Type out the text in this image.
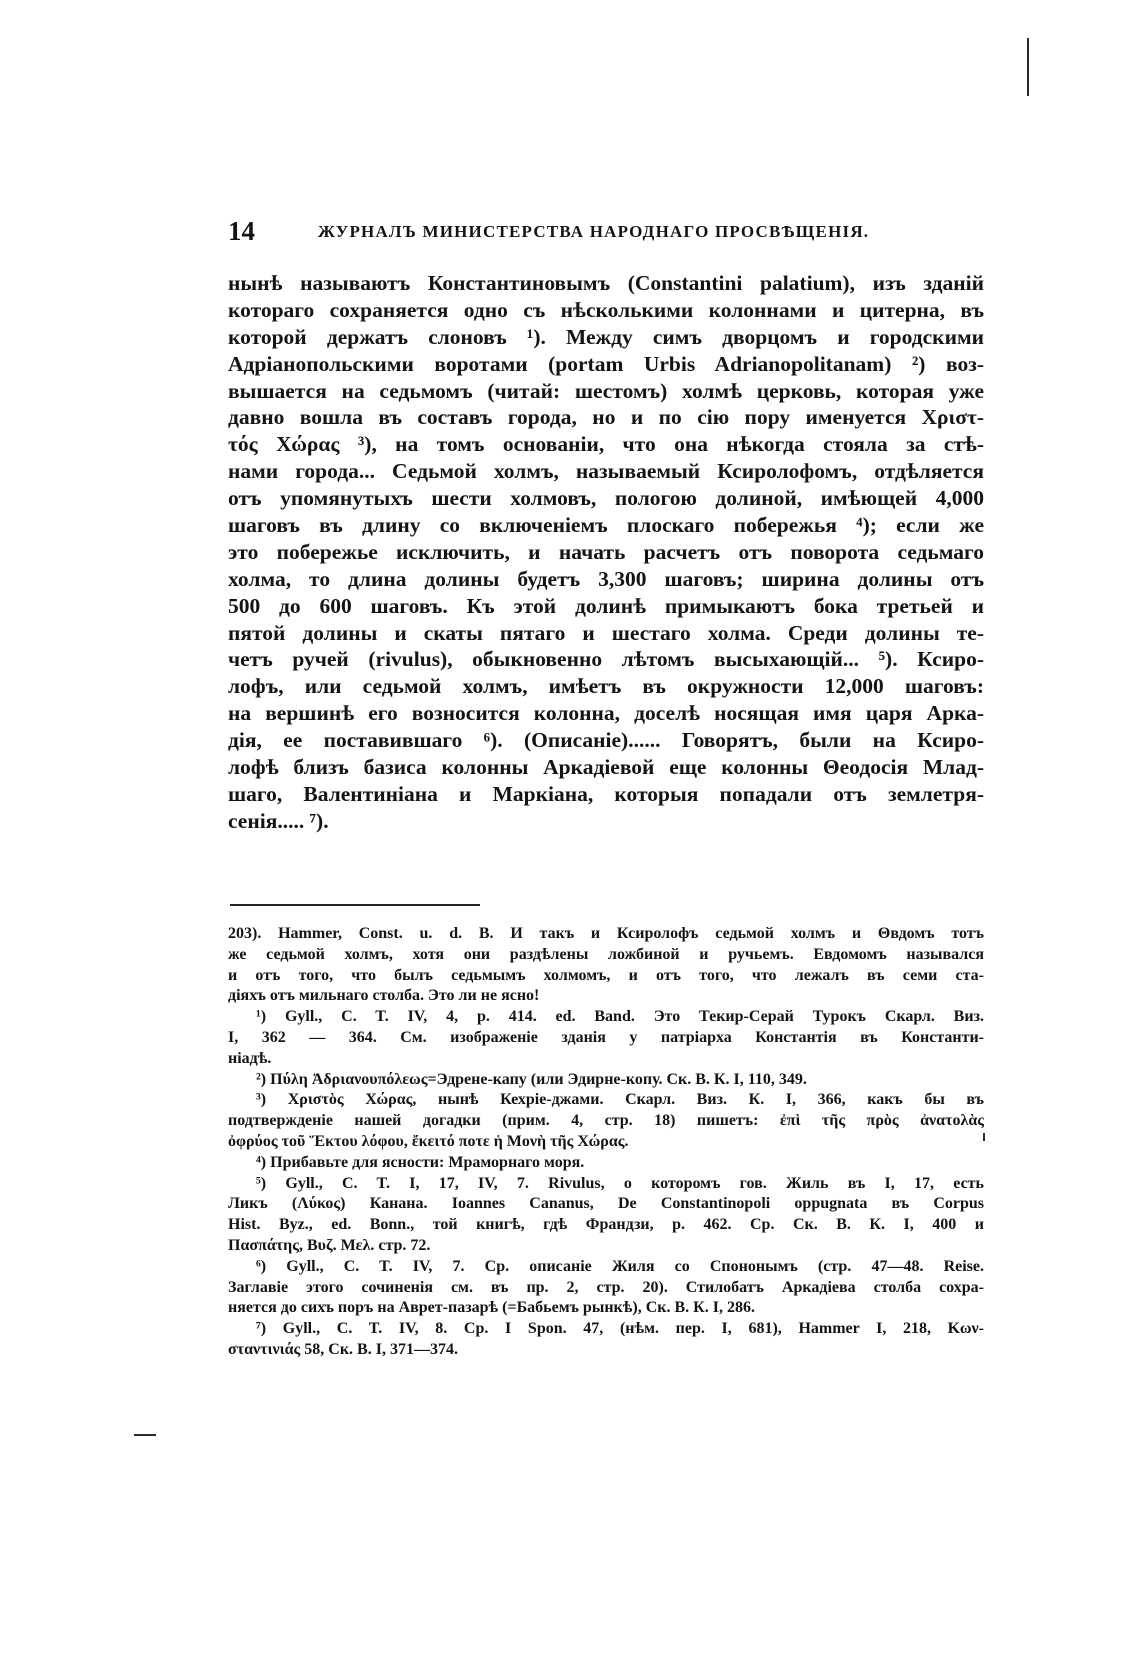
14	ЖУРНАЛЪ МИНИСТЕРСТВА НАРОДНАГО ПРОСВѢЩЕНІЯ.
нынѣ называютъ Константиновымъ (Constantini palatium), изъ зданій
котораго сохраняется одно съ нѣсколькими колоннами и цитерна, въ
которой держатъ слоновъ ¹). Между симъ дворцомъ и городскими
Адріанопольскими воротами (portam Urbis Adrianopolitanam) ²) воз-
вышается на седьмомъ (читай: шестомъ) холмѣ церковь, которая уже
давно вошла въ составъ города, но и по сію пору именуется Χριστ-
τός Χώρας ³), на томъ основаніи, что она нѣкогда стояла за стѣ-
нами города... Седьмой холмъ, называемый Ксиролофомъ, отдѣляется
отъ упомянутыхъ шести холмовъ, пологою долиной, имѣющей 4,000
шаговъ въ длину со включеніемъ плоскаго побережья ⁴); если же
это побережье исключить, и начать расчетъ отъ поворота седьмаго
холма, то длина долины будетъ 3,300 шаговъ; ширина долины отъ
500 до 600 шаговъ. Къ этой долинѣ примыкаютъ бока третьей и
пятой долины и скаты пятаго и шестаго холма. Среди долины те-
четъ ручей (rivulus), обыкновенно лѣтомъ высыхающій... ⁵). Ксиро-
лофъ, или седьмой холмъ, имѣетъ въ окружности 12,000 шаговъ:
на вершинѣ его возносится колонна, доселѣ носящая имя царя Арка-
дія, ее поставившаго ⁶). (Описаніе)...... Говорятъ, были на Ксиро-
лофѣ близъ базиса колонны Аркадіевой еще колонны Θеодосія Млад-
шаго, Валентиніана и Маркіана, которыя попадали отъ землетря-
сенія..... ⁷).
203). Hammer, Const. u. d. B. И такъ и Ксиролофъ седьмой холмъ и Θвдомъ тотъ
же седьмой холмъ, хотя они раздѣлены ложбиной и ручьемъ. Евдомомъ назывался
и отъ того, что былъ седьмымъ холмомъ, и отъ того, что лежалъ въ семи ста-
діяхъ отъ мильнаго столба. Это ли не ясно!
¹) Gyll., C. T. IV, 4, p. 414. ed. Band. Это Текир-Серай Турокъ Скарл. Виз.
I, 362 — 364. См. изображеніе зданія у патріарха Константія въ Константи-
ніадѣ.
²) Πύλη Ἀδριανουπόλεως=Эдрене-капу (или Эдирне-копу. Ск. В. К. I, 110, 349.
³) Χριστὸς Χώρας, нынѣ Кехріе-джами. Скарл. Виз. К. I, 366, какъ бы въ
подтвержденіе нашей догадки (прим. 4, стр. 18) пишетъ: ἐπὶ τῆς πρὸς ἀνατολὰς
ὀφρύος τοῦ Ἕκτου λόφου, ἔκειτό ποτε ἡ Μονὴ τῆς Χώρας.
⁴) Прибавьте для ясности: Мраморнаго моря.
⁵) Gyll., C. T. I, 17, IV, 7. Rivulus, о которомъ гов. Жиль въ I, 17, есть
Ликъ (Λύκος) Канана. Ioannes Cananus, De Constantinopoli oppugnata въ Corpus
Hist. Byz., ed. Bonn., той книгѣ, гдѣ Франдзи, p. 462. Ср. Ск. В. К. I, 400 и
Πασπάτης, Βυζ. Μελ. стр. 72.
⁶) Gyll., C. T. IV, 7. Ср. описаніе Жиля со Спононымъ (стр. 47—48. Reise.
Заглавіе этого сочиненія см. въ пр. 2, стр. 20). Стилобатъ Аркадіева столба сохра-
няется до сихъ поръ на Аврет-пазарѣ (=Бабьемъ рынкѣ), Ск. В. К. I, 286.
⁷) Gyll., C. T. IV, 8. Cp. I Spon. 47, (нѣм. пер. I, 681), Hammer I, 218, Κων-
σταντινιάς 58, Ск. В. I, 371—374.
